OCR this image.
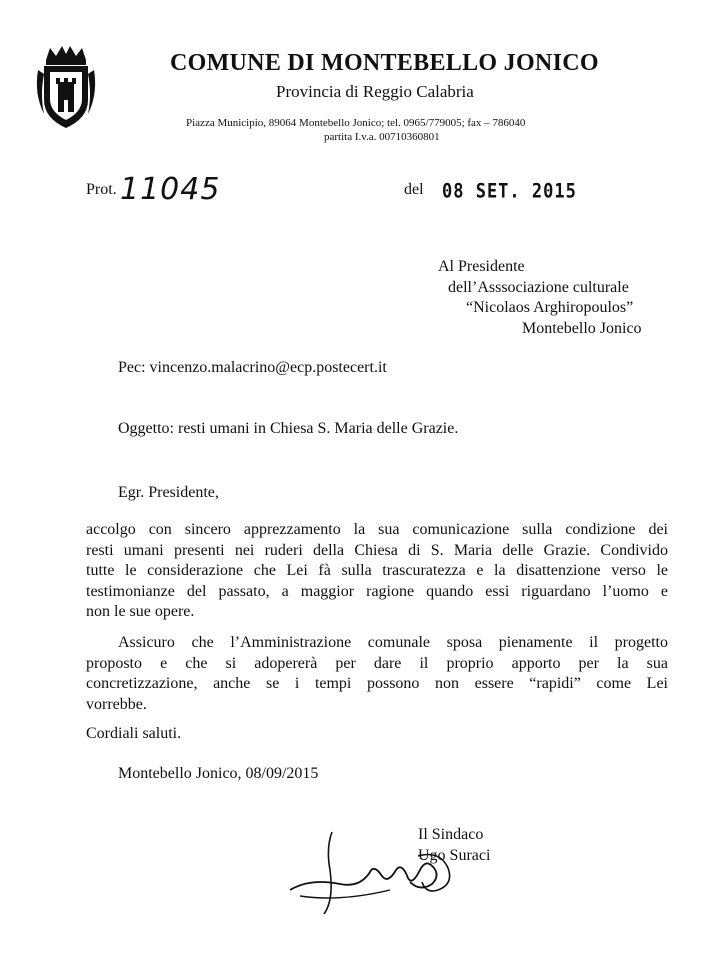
COMUNE DI MONTEBELLO JONICO
Provincia di Reggio Calabria
Piazza Municipio, 89064 Montebello Jonico; tel. 0965/779005; fax – 786040
partita I.v.a. 00710360801
Prot. 11045	del 08 SET. 2015
Al Presidente
dell’Asssociazione culturale
“Nicolaos Arghiropoulos”
Montebello Jonico
Pec: vincenzo.malacrino@ecp.postecert.it
Oggetto: resti umani in Chiesa S. Maria delle Grazie.
Egr. Presidente,
accolgo con sincero apprezzamento la sua comunicazione sulla condizione dei
resti umani presenti nei ruderi della Chiesa di S. Maria delle Grazie. Condivido
tutte le considerazione che Lei fà sulla trascuratezza e la disattenzione verso le
testimonianze del passato, a maggior ragione quando essi riguardano l’uomo e
non le sue opere.
Assicuro che l’Amministrazione comunale sposa pienamente il progetto
proposto e che si adopererà per dare il proprio apporto per la sua
concretizzazione, anche se i tempi possono non essere “rapidi” come Lei
vorrebbe.
Cordiali saluti.
Montebello Jonico, 08/09/2015
Il Sindaco
Ugo Suraci
